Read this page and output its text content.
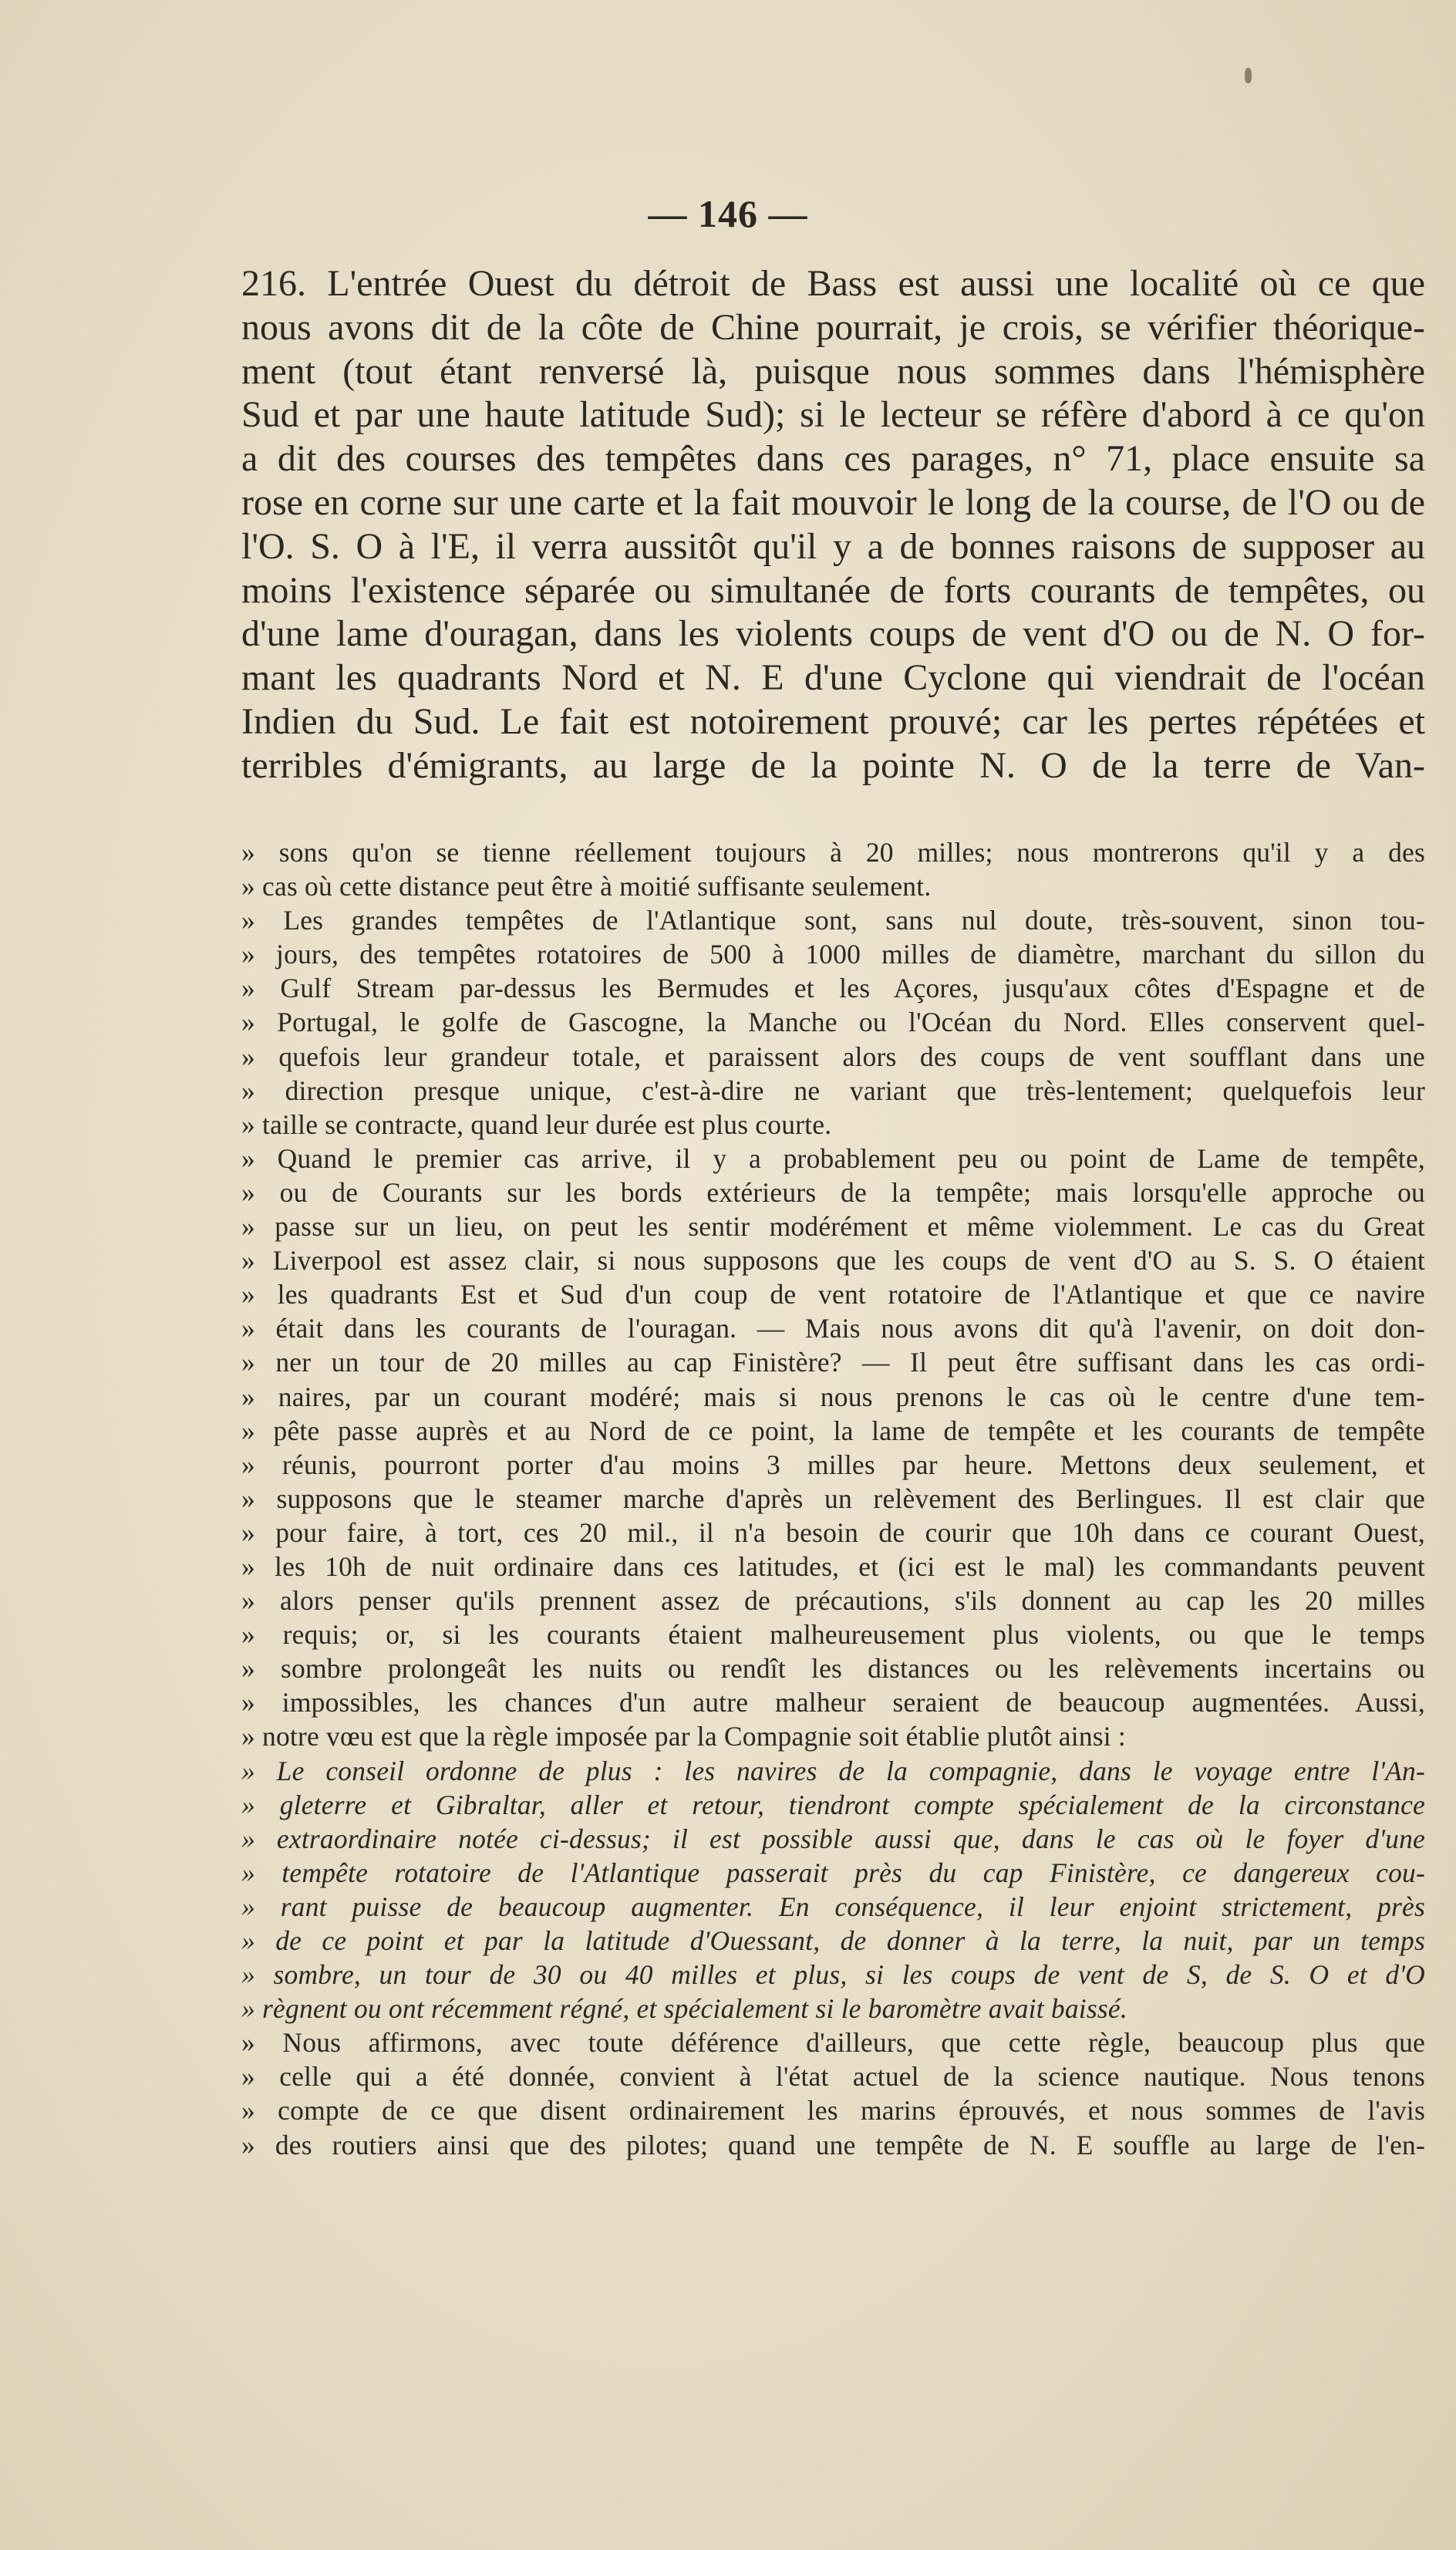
— 146 —
216. L'entrée Ouest du détroit de Bass est aussi une localité où ce que
nous avons dit de la côte de Chine pourrait, je crois, se vérifier théorique-
ment (tout étant renversé là, puisque nous sommes dans l'hémisphère
Sud et par une haute latitude Sud); si le lecteur se réfère d'abord à ce qu'on
a dit des courses des tempêtes dans ces parages, n° 71, place ensuite sa
rose en corne sur une carte et la fait mouvoir le long de la course, de l'O ou de
l'O. S. O à l'E, il verra aussitôt qu'il y a de bonnes raisons de supposer au
moins l'existence séparée ou simultanée de forts courants de tempêtes, ou
d'une lame d'ouragan, dans les violents coups de vent d'O ou de N. O for-
mant les quadrants Nord et N. E d'une Cyclone qui viendrait de l'océan
Indien du Sud. Le fait est notoirement prouvé; car les pertes répétées et
terribles d'émigrants, au large de la pointe N. O de la terre de Van-
» sons qu'on se tienne réellement toujours à 20 milles; nous montrerons qu'il y a des
» cas où cette distance peut être à moitié suffisante seulement.
» Les grandes tempêtes de l'Atlantique sont, sans nul doute, très-souvent, sinon tou-
» jours, des tempêtes rotatoires de 500 à 1000 milles de diamètre, marchant du sillon du
» Gulf Stream par-dessus les Bermudes et les Açores, jusqu'aux côtes d'Espagne et de
» Portugal, le golfe de Gascogne, la Manche ou l'Océan du Nord. Elles conservent quel-
» quefois leur grandeur totale, et paraissent alors des coups de vent soufflant dans une
» direction presque unique, c'est-à-dire ne variant que très-lentement; quelquefois leur
» taille se contracte, quand leur durée est plus courte.
» Quand le premier cas arrive, il y a probablement peu ou point de Lame de tempête,
» ou de Courants sur les bords extérieurs de la tempête; mais lorsqu'elle approche ou
» passe sur un lieu, on peut les sentir modérément et même violemment. Le cas du Great
» Liverpool est assez clair, si nous supposons que les coups de vent d'O au S. S. O étaient
» les quadrants Est et Sud d'un coup de vent rotatoire de l'Atlantique et que ce navire
» était dans les courants de l'ouragan. — Mais nous avons dit qu'à l'avenir, on doit don-
» ner un tour de 20 milles au cap Finistère? — Il peut être suffisant dans les cas ordi-
» naires, par un courant modéré; mais si nous prenons le cas où le centre d'une tem-
» pête passe auprès et au Nord de ce point, la lame de tempête et les courants de tempête
» réunis, pourront porter d'au moins 3 milles par heure. Mettons deux seulement, et
» supposons que le steamer marche d'après un relèvement des Berlingues. Il est clair que
» pour faire, à tort, ces 20 mil., il n'a besoin de courir que 10h dans ce courant Ouest,
» les 10h de nuit ordinaire dans ces latitudes, et (ici est le mal) les commandants peuvent
» alors penser qu'ils prennent assez de précautions, s'ils donnent au cap les 20 milles
» requis; or, si les courants étaient malheureusement plus violents, ou que le temps
» sombre prolongeât les nuits ou rendît les distances ou les relèvements incertains ou
» impossibles, les chances d'un autre malheur seraient de beaucoup augmentées. Aussi,
» notre vœu est que la règle imposée par la Compagnie soit établie plutôt ainsi :
» Le conseil ordonne de plus : les navires de la compagnie, dans le voyage entre l'An-
» gleterre et Gibraltar, aller et retour, tiendront compte spécialement de la circonstance
» extraordinaire notée ci-dessus; il est possible aussi que, dans le cas où le foyer d'une
» tempête rotatoire de l'Atlantique passerait près du cap Finistère, ce dangereux cou-
» rant puisse de beaucoup augmenter. En conséquence, il leur enjoint strictement, près
» de ce point et par la latitude d'Ouessant, de donner à la terre, la nuit, par un temps
» sombre, un tour de 30 ou 40 milles et plus, si les coups de vent de S, de S. O et d'O
» règnent ou ont récemment régné, et spécialement si le baromètre avait baissé.
» Nous affirmons, avec toute déférence d'ailleurs, que cette règle, beaucoup plus que
» celle qui a été donnée, convient à l'état actuel de la science nautique. Nous tenons
» compte de ce que disent ordinairement les marins éprouvés, et nous sommes de l'avis
» des routiers ainsi que des pilotes; quand une tempête de N. E souffle au large de l'en-
